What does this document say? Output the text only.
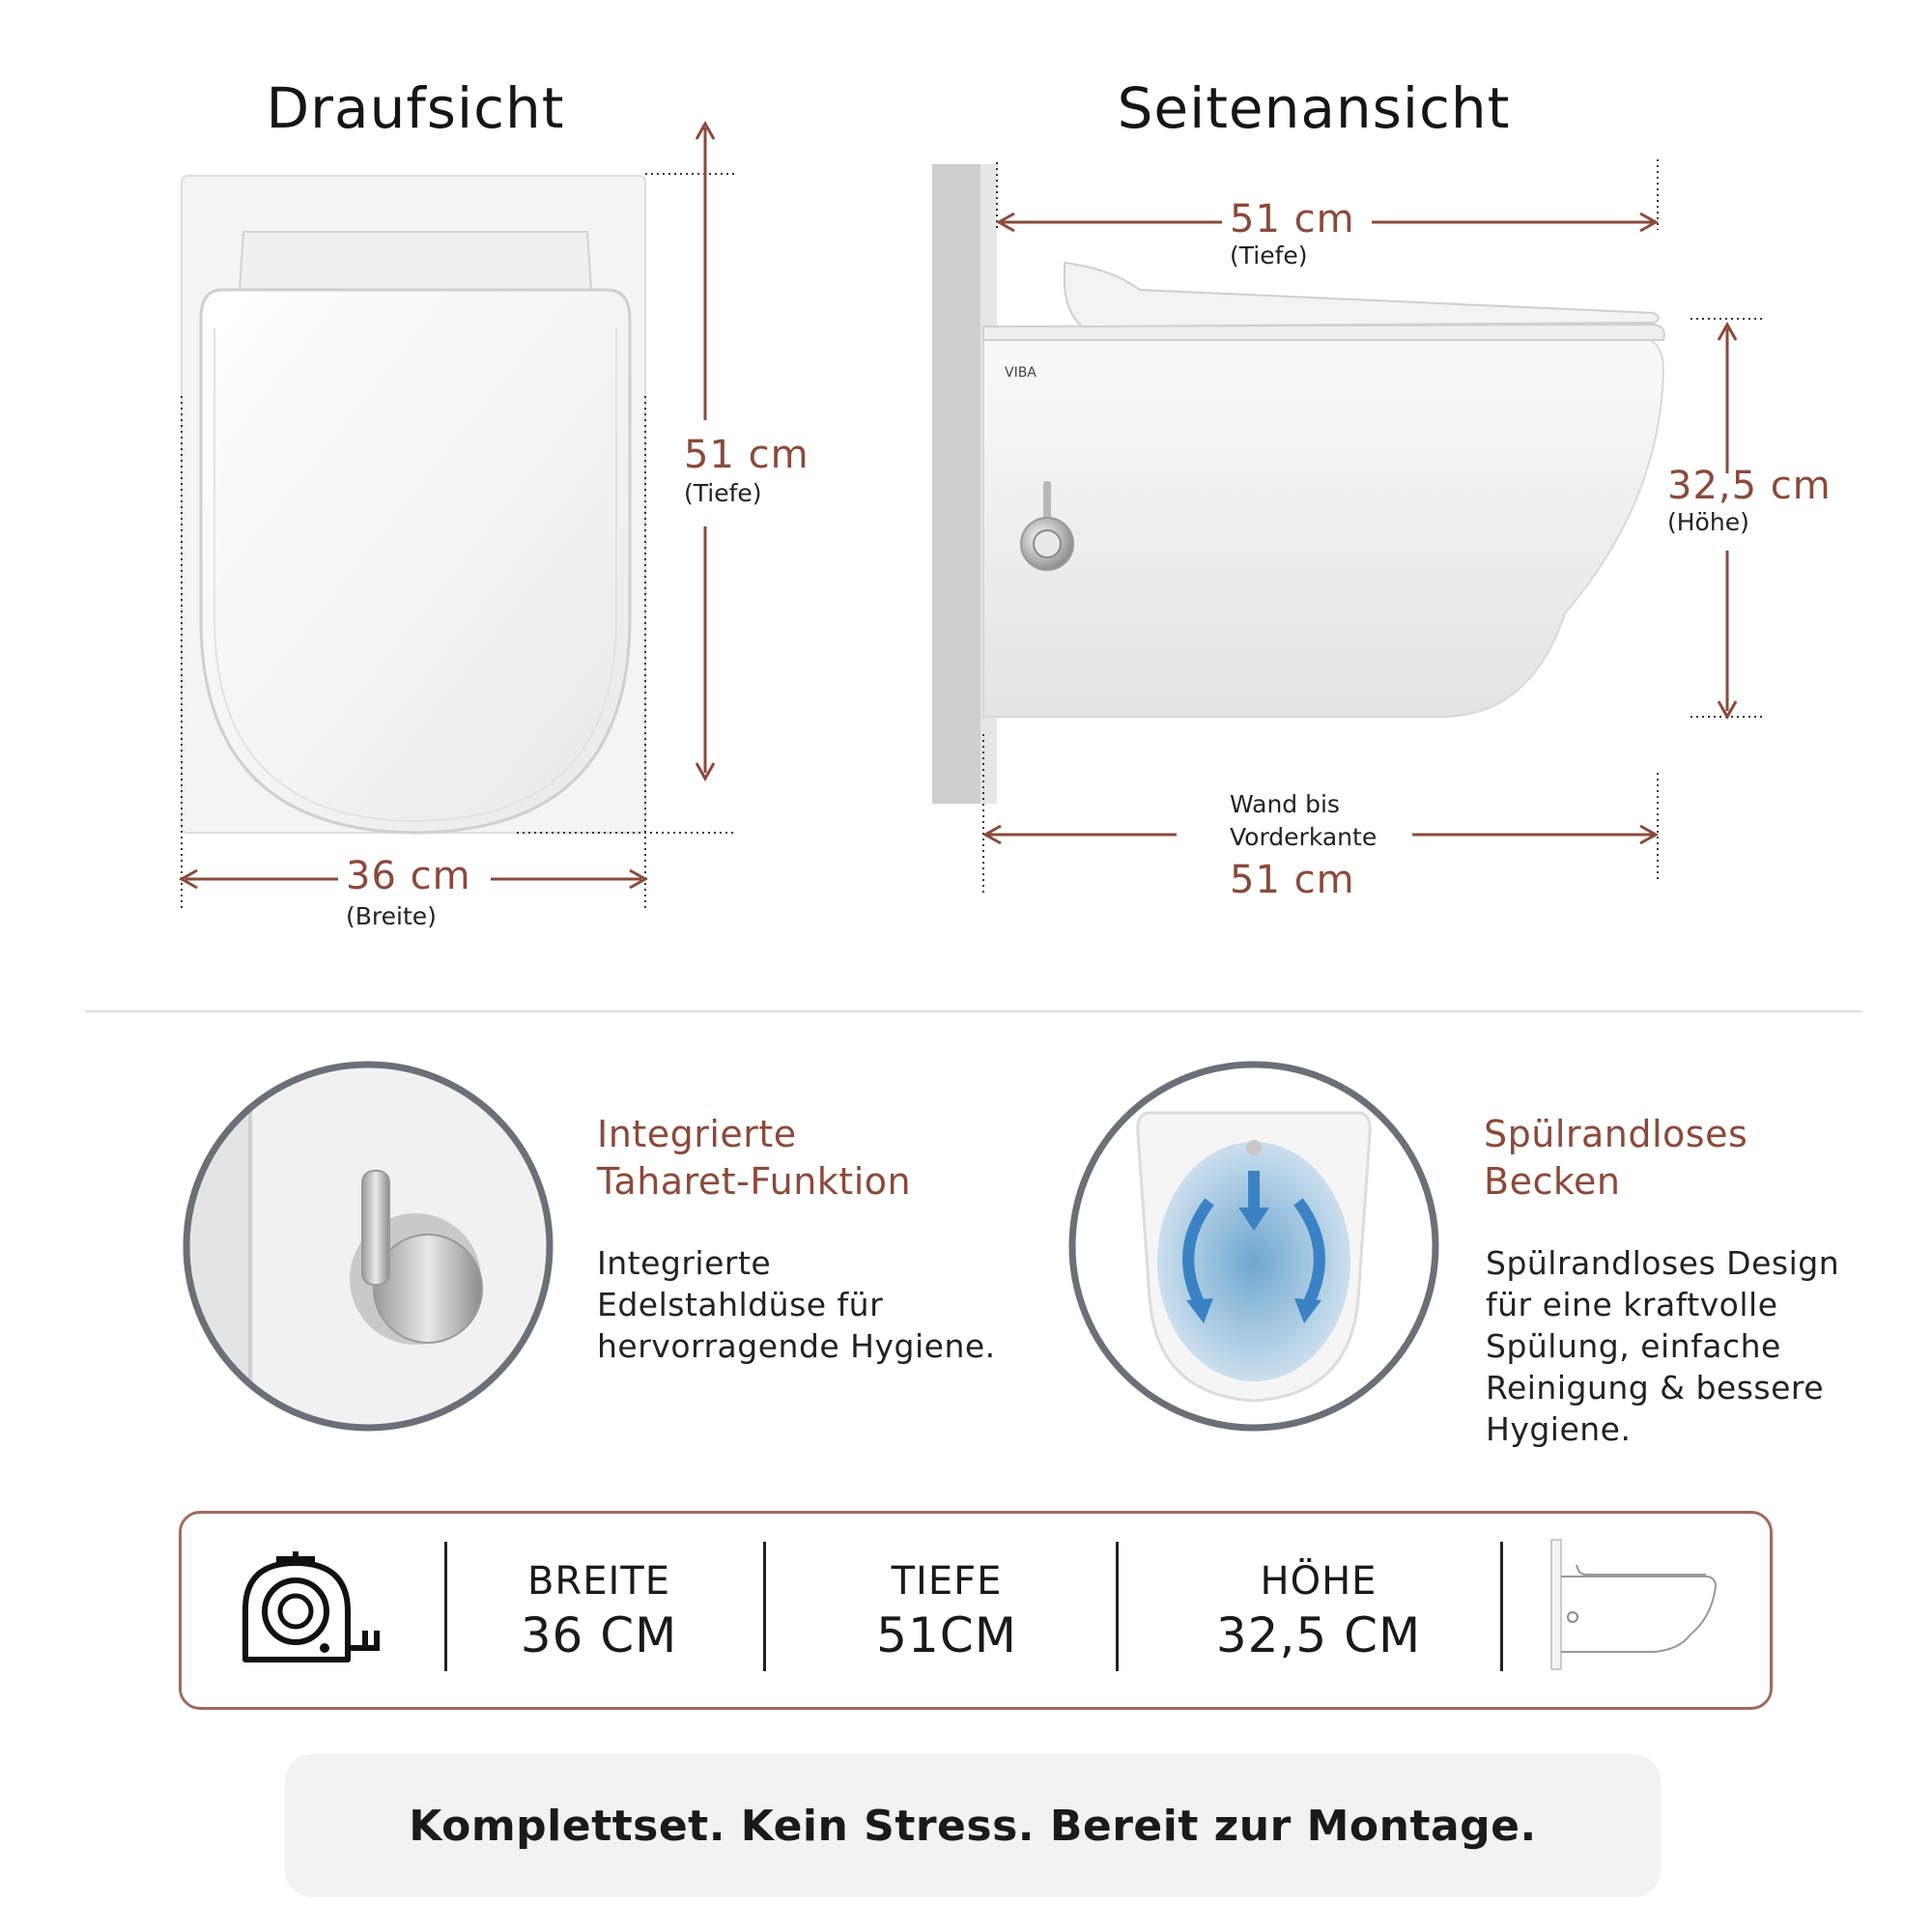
Draufsicht
51 cm
(Tiefe)
36 cm
(Breite)
Seitenansicht
VIBA
51 cm
(Tiefe)
32,5 cm
(Höhe)
Wand bis
Vorderkante
51 cm
Integrierte
Taharet-Funktion
Integrierte
Edelstahldüse für
hervorragende Hygiene.
Spülrandloses
Becken
Spülrandloses Design
für eine kraftvolle
Spülung, einfache
Reinigung & bessere
Hygiene.
BREITE
36 CM
TIEFE
51CM
HÖHE
32,5 CM
Komplettset. Kein Stress. Bereit zur Montage.
